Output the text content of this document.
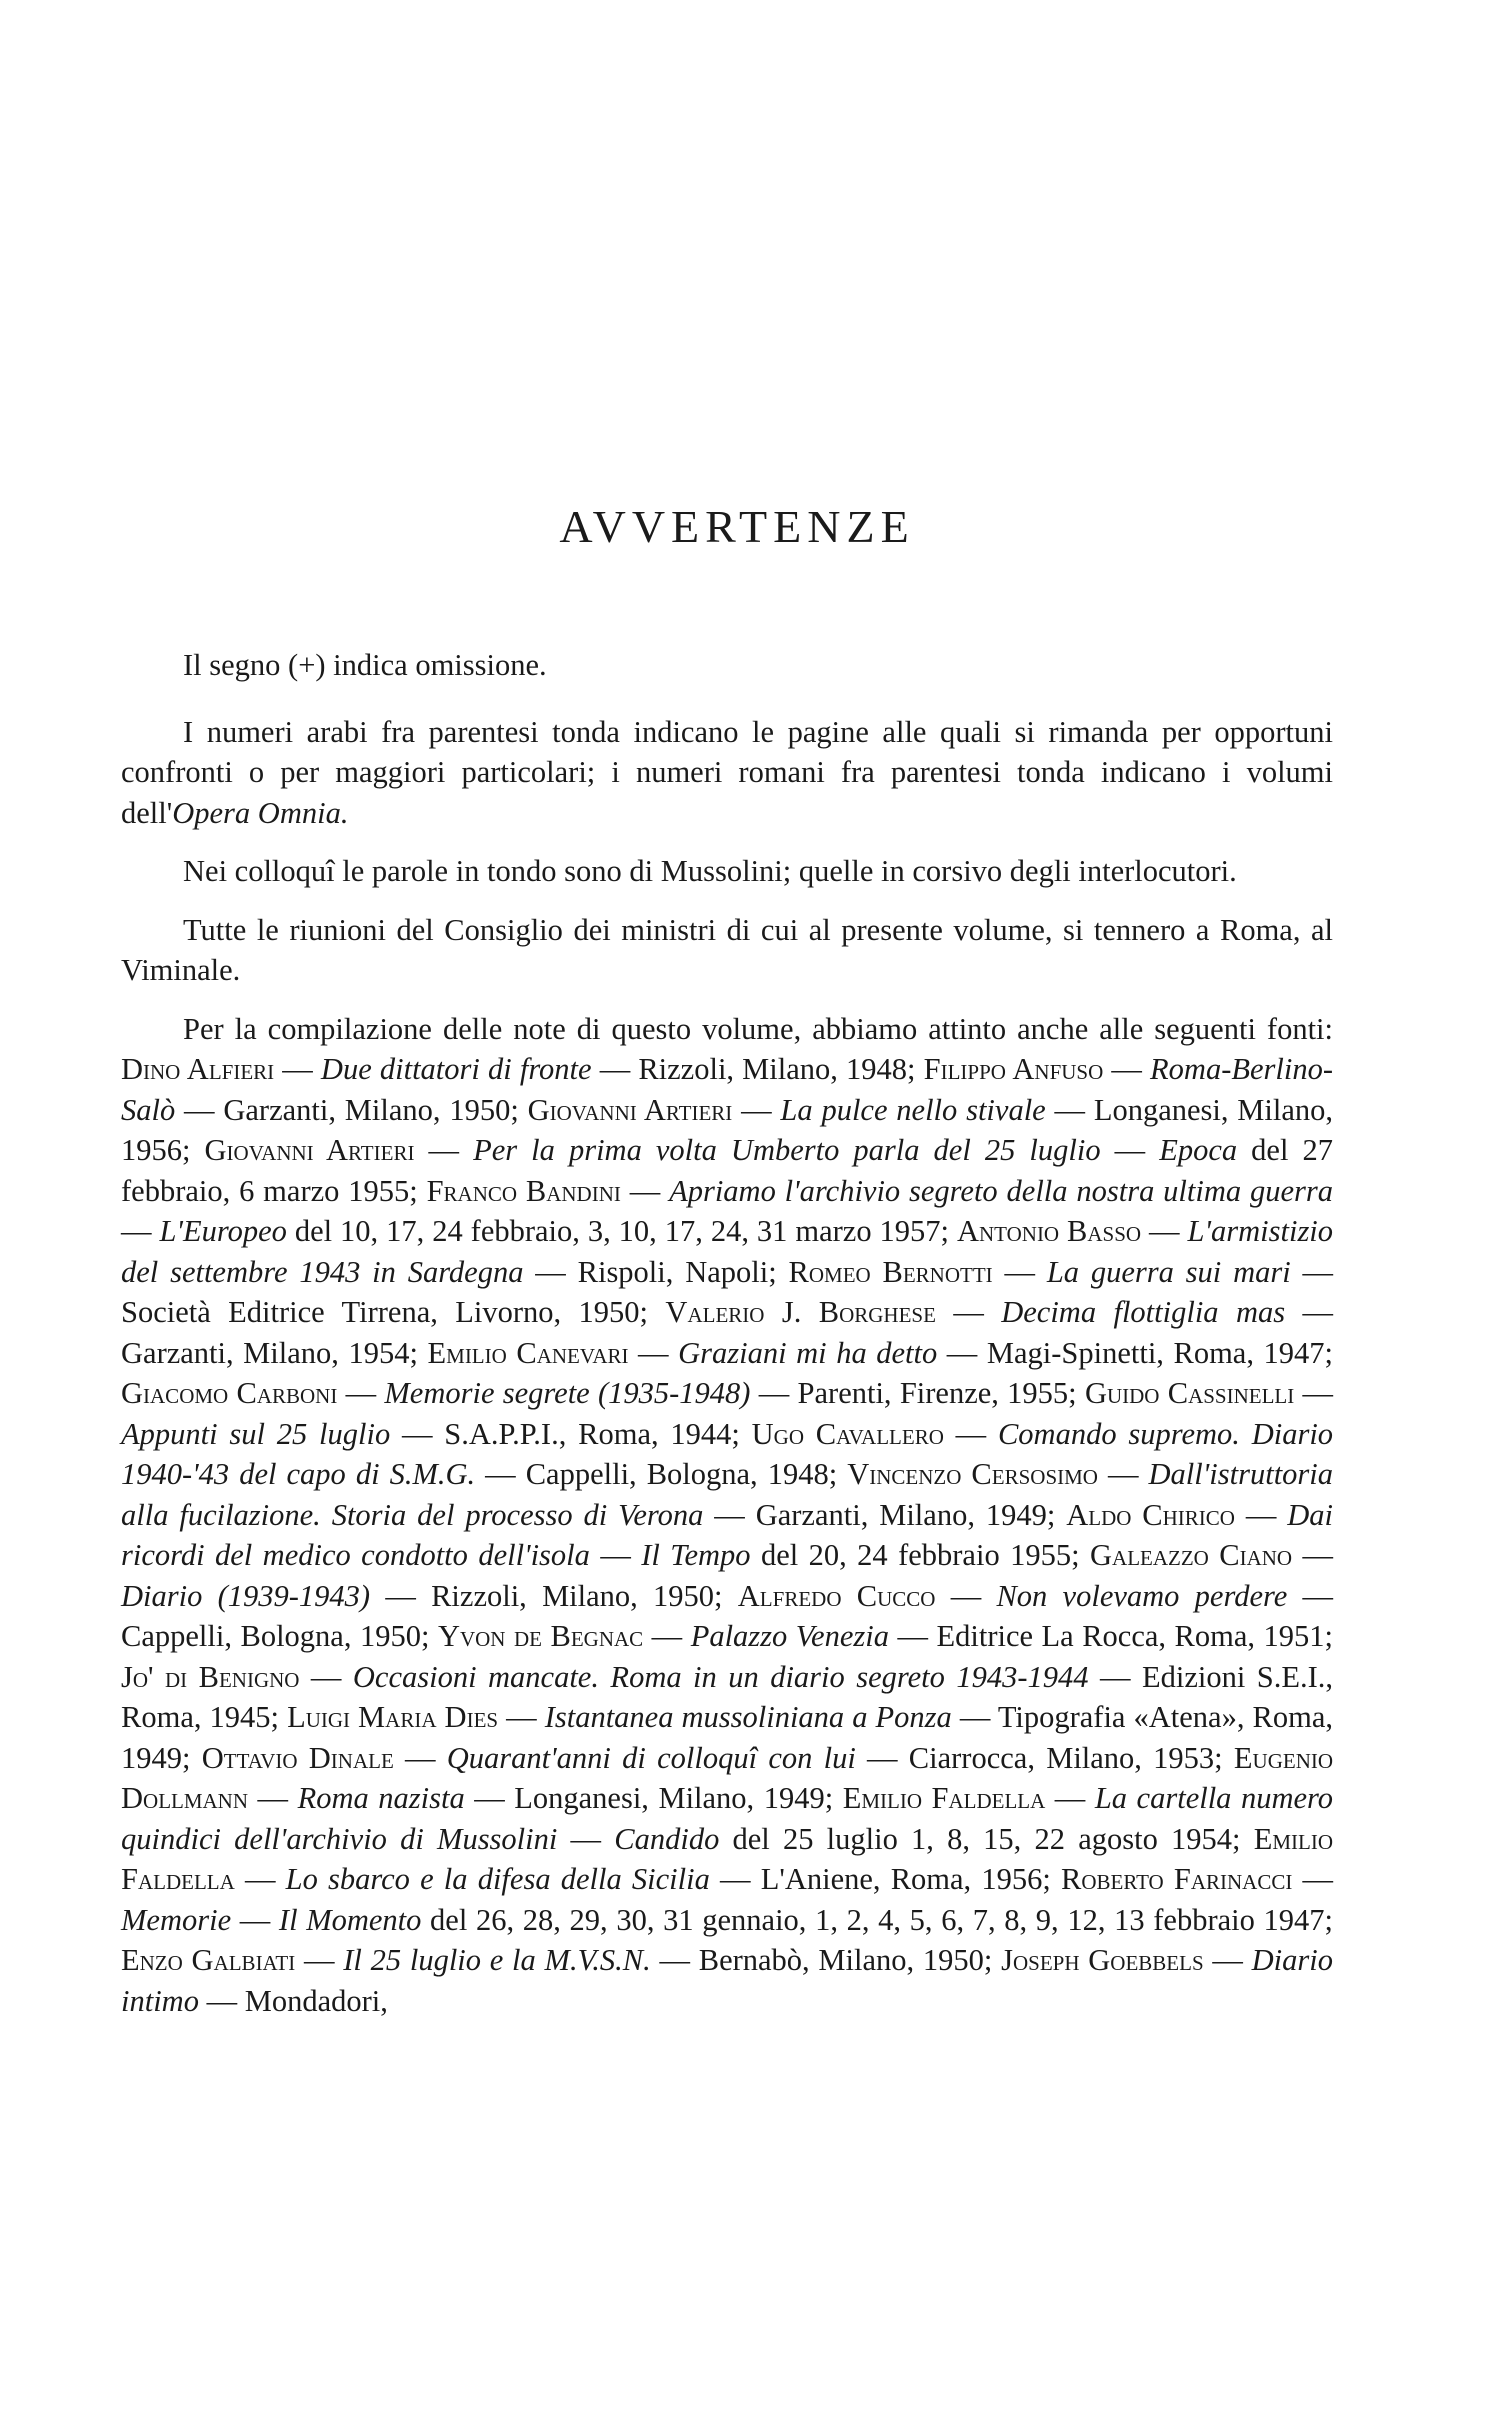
AVVERTENZE

Il segno (+) indica omissione.

I numeri arabi fra parentesi tonda indicano le pagine alle quali si rimanda per opportuni confronti o per maggiori particolari; i numeri romani fra parentesi tonda indicano i volumi dell'Opera Omnia.

Nei colloquî le parole in tondo sono di Mussolini; quelle in corsivo degli interlocutori.

Tutte le riunioni del Consiglio dei ministri di cui al presente volume, si tennero a Roma, al Viminale.

Per la compilazione delle note di questo volume, abbiamo attinto anche alle seguenti fonti: Dino Alfieri — Due dittatori di fronte — Rizzoli, Milano, 1948; Filippo Anfuso — Roma-Berlino-Salò — Garzanti, Milano, 1950; Giovanni Artieri — La pulce nello stivale — Longanesi, Milano, 1956; Giovanni Artieri — Per la prima volta Umberto parla del 25 luglio — Epoca del 27 febbraio, 6 marzo 1955; Franco Bandini — Apriamo l'archivio segreto della nostra ultima guerra — L'Europeo del 10, 17, 24 febbraio, 3, 10, 17, 24, 31 marzo 1957; Antonio Basso — L'armistizio del settembre 1943 in Sardegna — Rispoli, Napoli; Romeo Bernotti — La guerra sui mari — Società Editrice Tirrena, Livorno, 1950; Valerio J. Borghese — Decima flottiglia mas — Garzanti, Milano, 1954; Emilio Canevari — Graziani mi ha detto — Magi-Spinetti, Roma, 1947; Giacomo Carboni — Memorie segrete (1935-1948) — Parenti, Firenze, 1955; Guido Cassinelli — Appunti sul 25 luglio — S.A.P.P.I., Roma, 1944; Ugo Cavallero — Comando supremo. Diario 1940-'43 del capo di S.M.G. — Cappelli, Bologna, 1948; Vincenzo Cersosimo — Dall'istruttoria alla fucilazione. Storia del processo di Verona — Garzanti, Milano, 1949; Aldo Chirico — Dai ricordi del medico condotto dell'isola — Il Tempo del 20, 24 febbraio 1955; Galeazzo Ciano — Diario (1939-1943) — Rizzoli, Milano, 1950; Alfredo Cucco — Non volevamo perdere — Cappelli, Bologna, 1950; Yvon de Begnac — Palazzo Venezia — Editrice La Rocca, Roma, 1951; Jo' di Benigno — Occasioni mancate. Roma in un diario segreto 1943-1944 — Edizioni S.E.I., Roma, 1945; Luigi Maria Dies — Istantanea mussoliniana a Ponza — Tipografia «Atena», Roma, 1949; Ottavio Dinale — Quarant'anni di colloquî con lui — Ciarrocca, Milano, 1953; Eugenio Dollmann — Roma nazista — Longanesi, Milano, 1949; Emilio Faldella — La cartella numero quindici dell'archivio di Mussolini — Candido del 25 luglio 1, 8, 15, 22 agosto 1954; Emilio Faldella — Lo sbarco e la difesa della Sicilia — L'Aniene, Roma, 1956; Roberto Farinacci — Memorie — Il Momento del 26, 28, 29, 30, 31 gennaio, 1, 2, 4, 5, 6, 7, 8, 9, 12, 13 febbraio 1947; Enzo Galbiati — Il 25 luglio e la M.V.S.N. — Bernabò, Milano, 1950; Joseph Goebbels — Diario intimo — Mondadori,
